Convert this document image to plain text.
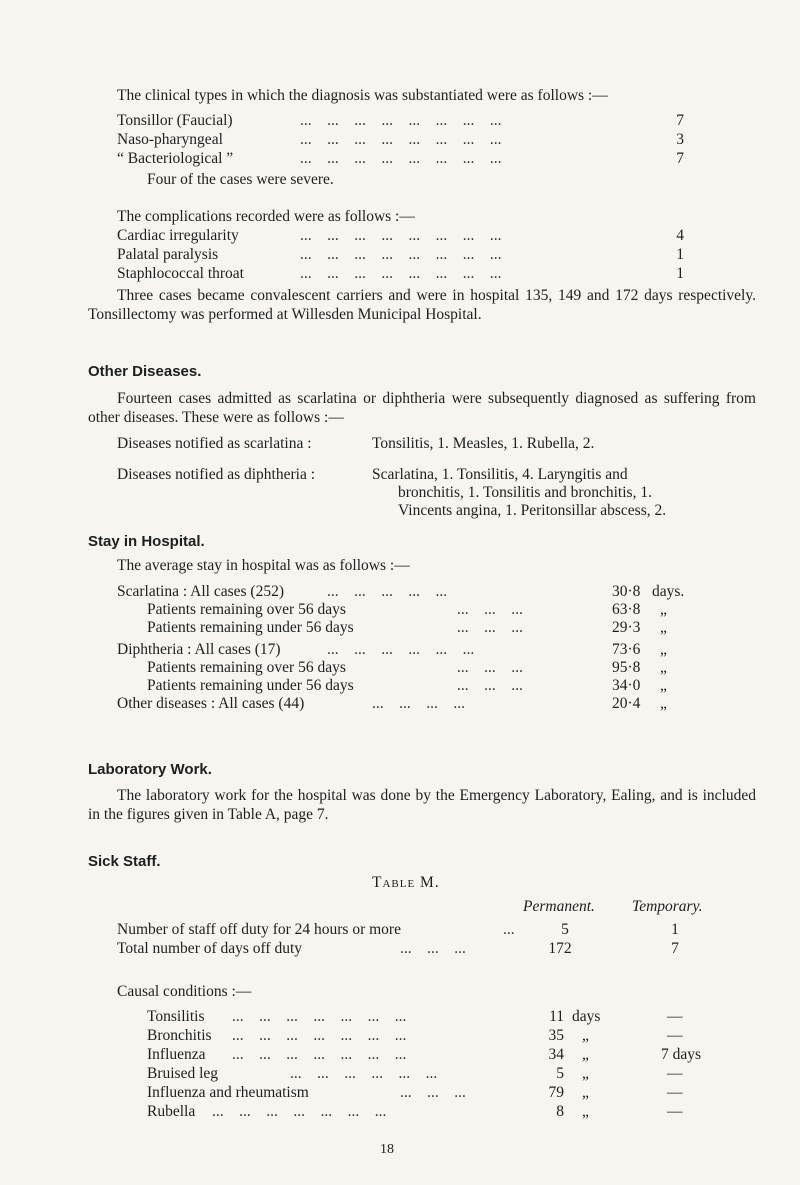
The clinical types in which the diagnosis was substantiated were as follows :—
Tonsillor (Faucial)	...    ...    ...    ...    ...    ...    ...    ...	7
Naso-pharyngeal	...    ...    ...    ...    ...    ...    ...    ...	3
“ Bacteriological ”	...    ...    ...    ...    ...    ...    ...    ...	7
Four of the cases were severe.
The complications recorded were as follows :—
Cardiac irregularity	...    ...    ...    ...    ...    ...    ...    ...	4
Palatal paralysis	...    ...    ...    ...    ...    ...    ...    ...	1
Staphlococcal throat	...    ...    ...    ...    ...    ...    ...    ...	1
Three cases became convalescent carriers and were in hospital 135, 149 and 172 days respectively. Tonsillectomy was performed at Willesden Municipal Hospital.
Other Diseases.
Fourteen cases admitted as scarlatina or diphtheria were subsequently diagnosed as suffering from other diseases. These were as follows :—
Diseases notified as scarlatina :	Tonsilitis, 1. Measles, 1. Rubella, 2.
Diseases notified as diphtheria :	Scarlatina, 1. Tonsilitis, 4. Laryngitis and
bronchitis, 1. Tonsilitis and bronchitis, 1.
Vincents angina, 1. Peritonsillar abscess, 2.
Stay in Hospital.
The average stay in hospital was as follows :—
Scarlatina : All cases (252)	...    ...    ...    ...    ...	30·8 days.
Patients remaining over 56 days	...    ...    ...	63·8 „
Patients remaining under 56 days	...    ...    ...	29·3 „
Diphtheria : All cases (17)	...    ...    ...    ...    ...    ...	73·6 „
Patients remaining over 56 days	...    ...    ...	95·8 „
Patients remaining under 56 days	...    ...    ...	34·0 „
Other diseases : All cases (44)	...    ...    ...    ...	20·4 „
Laboratory Work.
The laboratory work for the hospital was done by the Emergency Laboratory, Ealing, and is included in the figures given in Table A, page 7.
Sick Staff.
Table M.
Permanent. Temporary.
Number of staff off duty for 24 hours or more	...	5	1
Total number of days off duty	...    ...    ...	172	7
Causal conditions :—
Tonsilitis ...    ...    ...    ...    ...    ...    ...	11 days	—
Bronchitis ...    ...    ...    ...    ...    ...    ...	35 „	—
Influenza ...    ...    ...    ...    ...    ...    ...	34 „	7 days
Bruised leg	...    ...    ...    ...    ...    ...	5 „	—
Influenza and rheumatism	...    ...    ...	79 „	—
Rubella ...    ...    ...    ...    ...    ...    ...	8 „	—
18
